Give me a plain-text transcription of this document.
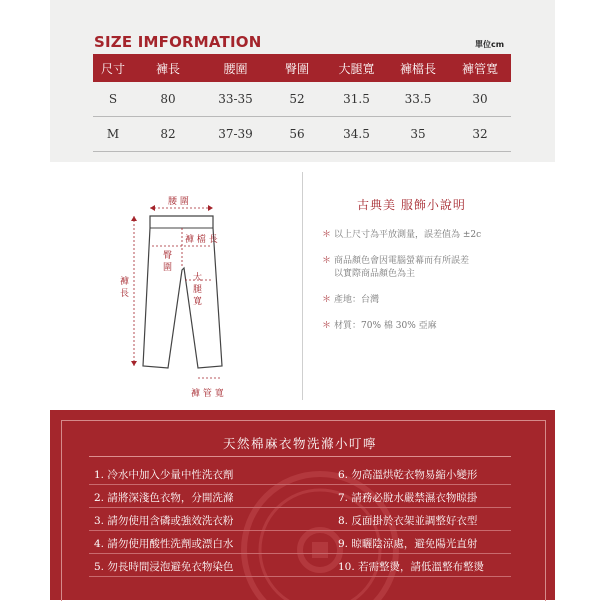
SIZE IMFORMATION	單位cm
尺寸	褲長	腰圍	臀圍	大腿寬	褲檔長	褲管寬
S	80	33-35	52	31.5	33.5	30
M	82	37-39	56	34.5	35	32
腰 圍
褲 檔 長
臀 圍
大 腿 寬
褲 長
褲 管 寬
古典美 服飾小說明
＊ 以上尺寸為平放測量，誤差值為 ±2c
＊ 商品顏色會因電腦螢幕而有所誤差
以實際商品顏色為主
＊ 產地：台灣
＊ 材質：70% 棉 30% 亞麻
天然棉麻衣物洗滌小叮嚀
1. 冷水中加入少量中性洗衣劑
2. 請將深淺色衣物，分開洗滌
3. 請勿使用含磷或強效洗衣粉
4. 請勿使用酸性洗劑或漂白水
5. 勿長時間浸泡避免衣物染色
6. 勿高溫烘乾衣物易縮小變形
7. 請務必脫水嚴禁濕衣物晾掛
8. 反面掛於衣架並調整好衣型
9. 晾曬陰涼處，避免陽光直射
10. 若需整燙，請低溫整布整燙
